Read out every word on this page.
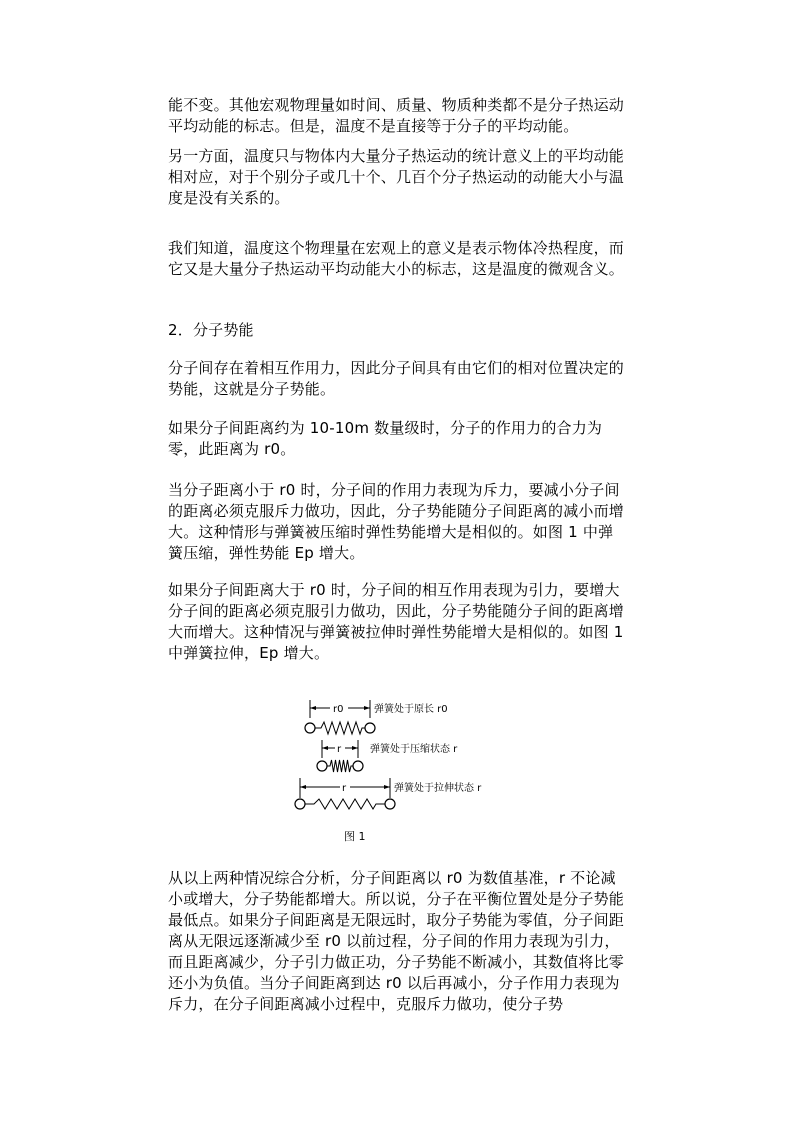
能不变。其他宏观物理量如时间、质量、物质种类都不是分子热运动平均动能的标志。但是，温度不是直接等于分子的平均动能。

另一方面，温度只与物体内大量分子热运动的统计意义上的平均动能相对应，对于个别分子或几十个、几百个分子热运动的动能大小与温度是没有关系的。

我们知道，温度这个物理量在宏观上的意义是表示物体冷热程度，而它又是大量分子热运动平均动能大小的标志，这是温度的微观含义。

2．分子势能

分子间存在着相互作用力，因此分子间具有由它们的相对位置决定的势能，这就是分子势能。

如果分子间距离约为 10-10m 数量级时，分子的作用力的合力为零，此距离为 r0。

当分子距离小于 r0 时，分子间的作用力表现为斥力，要减小分子间的距离必须克服斥力做功，因此，分子势能随分子间距离的减小而增大。这种情形与弹簧被压缩时弹性势能增大是相似的。如图 1 中弹簧压缩，弹性势能 Ep 增大。

如果分子间距离大于 r0 时，分子间的相互作用表现为引力，要增大分子间的距离必须克服引力做功，因此，分子势能随分子间的距离增大而增大。这种情况与弹簧被拉伸时弹性势能增大是相似的。如图 1 中弹簧拉伸，Ep 增大。

r0	弹簧处于原长 r0
r	弹簧处于压缩状态 r
r	弹簧处于拉伸状态 r
图 1

从以上两种情况综合分析，分子间距离以 r0 为数值基准，r 不论减小或增大，分子势能都增大。所以说，分子在平衡位置处是分子势能最低点。如果分子间距离是无限远时，取分子势能为零值，分子间距离从无限远逐渐减少至 r0 以前过程，分子间的作用力表现为引力，而且距离减少，分子引力做正功，分子势能不断减小，其数值将比零还小为负值。当分子间距离到达 r0 以后再减小，分子作用力表现为斥力，在分子间距离减小过程中，克服斥力做功，使分子势
